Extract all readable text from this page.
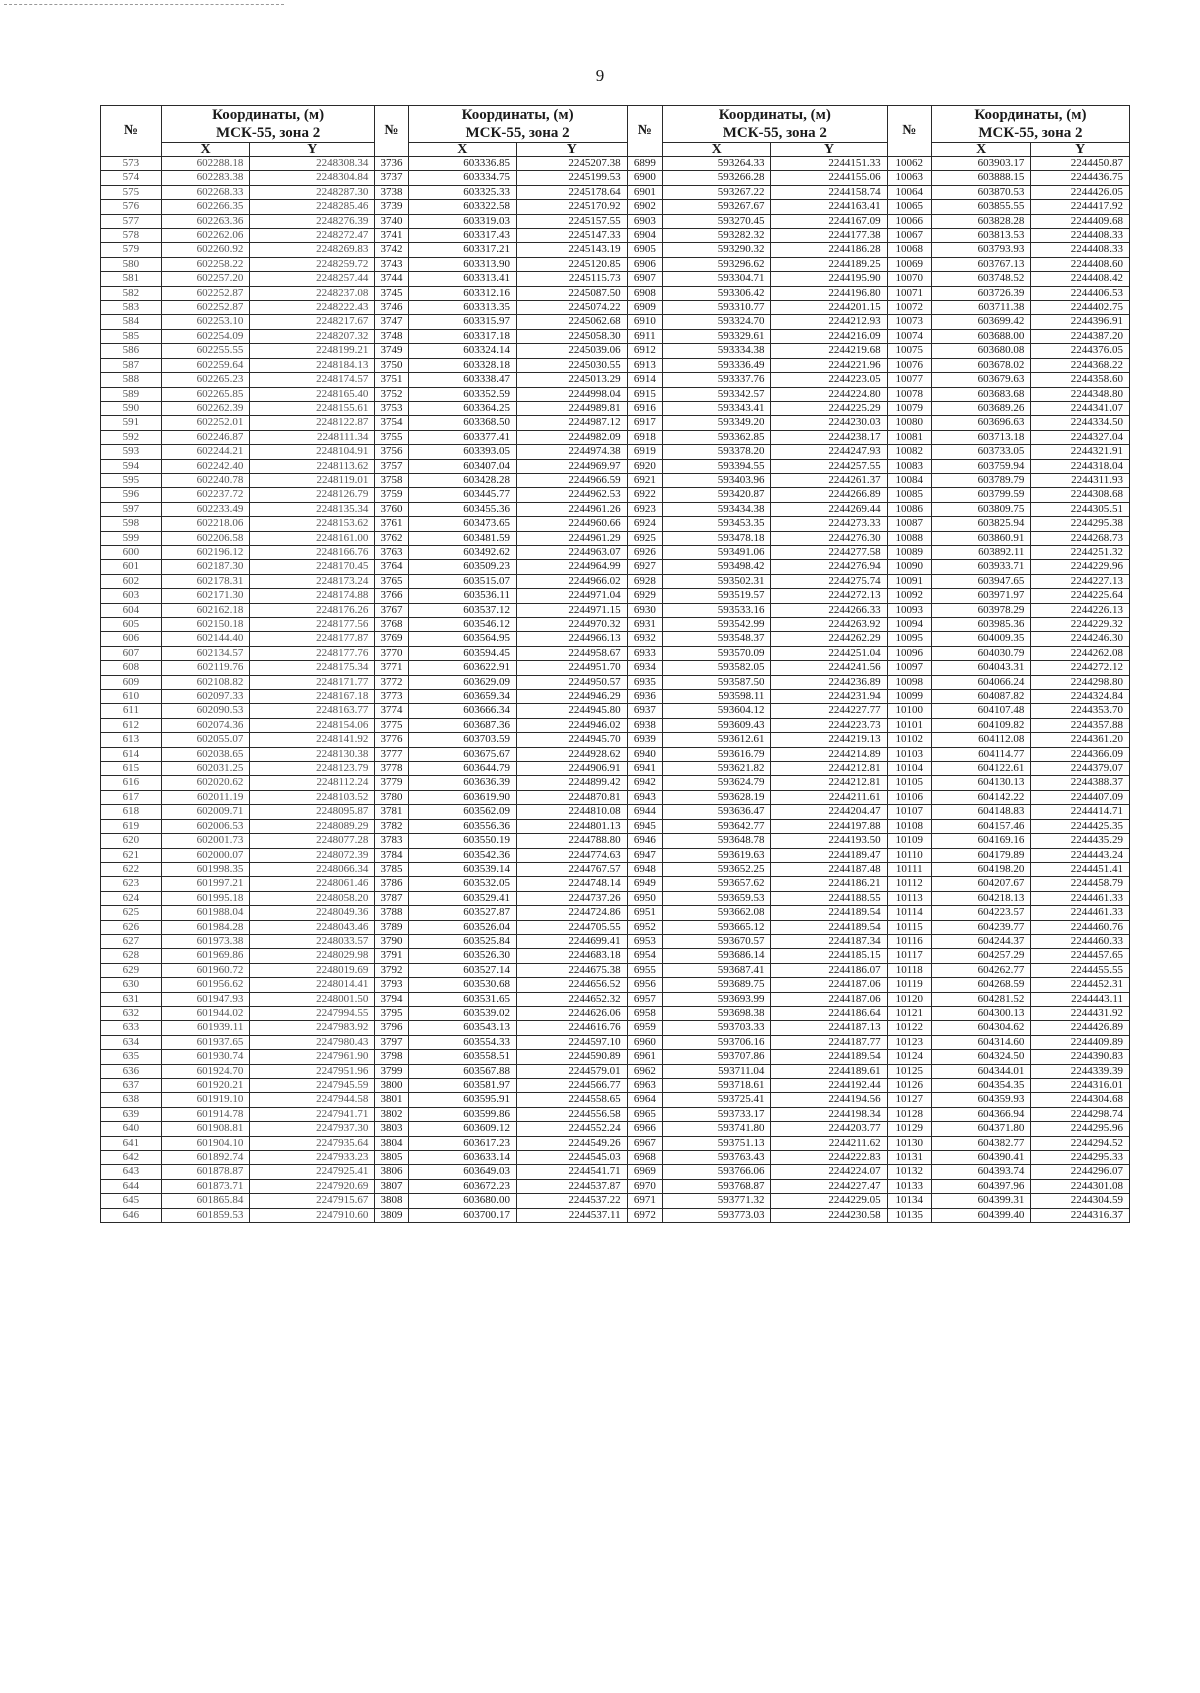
9
№	Координаты, (м)
МСК-55, зона 2		№	Координаты, (м)
МСК-55, зона 2		№	Координаты, (м)
МСК-55, зона 2		№	Координаты, (м)
МСК-55, зона 2	
	X	Y		X	Y		X	Y		X	Y
573	602288.18	2248308.34	3736	603336.85	2245207.38	6899	593264.33	2244151.33	10062	603903.17	2244450.87
574	602283.38	2248304.84	3737	603334.75	2245199.53	6900	593266.28	2244155.06	10063	603888.15	2244436.75
575	602268.33	2248287.30	3738	603325.33	2245178.64	6901	593267.22	2244158.74	10064	603870.53	2244426.05
576	602266.35	2248285.46	3739	603322.58	2245170.92	6902	593267.67	2244163.41	10065	603855.55	2244417.92
577	602263.36	2248276.39	3740	603319.03	2245157.55	6903	593270.45	2244167.09	10066	603828.28	2244409.68
578	602262.06	2248272.47	3741	603317.43	2245147.33	6904	593282.32	2244177.38	10067	603813.53	2244408.33
579	602260.92	2248269.83	3742	603317.21	2245143.19	6905	593290.32	2244186.28	10068	603793.93	2244408.33
580	602258.22	2248259.72	3743	603313.90	2245120.85	6906	593296.62	2244189.25	10069	603767.13	2244408.60
581	602257.20	2248257.44	3744	603313.41	2245115.73	6907	593304.71	2244195.90	10070	603748.52	2244408.42
582	602252.87	2248237.08	3745	603312.16	2245087.50	6908	593306.42	2244196.80	10071	603726.39	2244406.53
583	602252.87	2248222.43	3746	603313.35	2245074.22	6909	593310.77	2244201.15	10072	603711.38	2244402.75
584	602253.10	2248217.67	3747	603315.97	2245062.68	6910	593324.70	2244212.93	10073	603699.42	2244396.91
585	602254.09	2248207.32	3748	603317.18	2245058.30	6911	593329.61	2244216.09	10074	603688.00	2244387.20
586	602255.55	2248199.21	3749	603324.14	2245039.06	6912	593334.38	2244219.68	10075	603680.08	2244376.05
587	602259.64	2248184.13	3750	603328.18	2245030.55	6913	593336.49	2244221.96	10076	603678.02	2244368.22
588	602265.23	2248174.57	3751	603338.47	2245013.29	6914	593337.76	2244223.05	10077	603679.63	2244358.60
589	602265.85	2248165.40	3752	603352.59	2244998.04	6915	593342.57	2244224.80	10078	603683.68	2244348.80
590	602262.39	2248155.61	3753	603364.25	2244989.81	6916	593343.41	2244225.29	10079	603689.26	2244341.07
591	602252.01	2248122.87	3754	603368.50	2244987.12	6917	593349.20	2244230.03	10080	603696.63	2244334.50
592	602246.87	2248111.34	3755	603377.41	2244982.09	6918	593362.85	2244238.17	10081	603713.18	2244327.04
593	602244.21	2248104.91	3756	603393.05	2244974.38	6919	593378.20	2244247.93	10082	603733.05	2244321.91
594	602242.40	2248113.62	3757	603407.04	2244969.97	6920	593394.55	2244257.55	10083	603759.94	2244318.04
595	602240.78	2248119.01	3758	603428.28	2244966.59	6921	593403.96	2244261.37	10084	603789.79	2244311.93
596	602237.72	2248126.79	3759	603445.77	2244962.53	6922	593420.87	2244266.89	10085	603799.59	2244308.68
597	602233.49	2248135.34	3760	603455.36	2244961.26	6923	593434.38	2244269.44	10086	603809.75	2244305.51
598	602218.06	2248153.62	3761	603473.65	2244960.66	6924	593453.35	2244273.33	10087	603825.94	2244295.38
599	602206.58	2248161.00	3762	603481.59	2244961.29	6925	593478.18	2244276.30	10088	603860.91	2244268.73
600	602196.12	2248166.76	3763	603492.62	2244963.07	6926	593491.06	2244277.58	10089	603892.11	2244251.32
601	602187.30	2248170.45	3764	603509.23	2244964.99	6927	593498.42	2244276.94	10090	603933.71	2244229.96
602	602178.31	2248173.24	3765	603515.07	2244966.02	6928	593502.31	2244275.74	10091	603947.65	2244227.13
603	602171.30	2248174.88	3766	603536.11	2244971.04	6929	593519.57	2244272.13	10092	603971.97	2244225.64
604	602162.18	2248176.26	3767	603537.12	2244971.15	6930	593533.16	2244266.33	10093	603978.29	2244226.13
605	602150.18	2248177.56	3768	603546.12	2244970.32	6931	593542.99	2244263.92	10094	603985.36	2244229.32
606	602144.40	2248177.87	3769	603564.95	2244966.13	6932	593548.37	2244262.29	10095	604009.35	2244246.30
607	602134.57	2248177.76	3770	603594.45	2244958.67	6933	593570.09	2244251.04	10096	604030.79	2244262.08
608	602119.76	2248175.34	3771	603622.91	2244951.70	6934	593582.05	2244241.56	10097	604043.31	2244272.12
609	602108.82	2248171.77	3772	603629.09	2244950.57	6935	593587.50	2244236.89	10098	604066.24	2244298.80
610	602097.33	2248167.18	3773	603659.34	2244946.29	6936	593598.11	2244231.94	10099	604087.82	2244324.84
611	602090.53	2248163.77	3774	603666.34	2244945.80	6937	593604.12	2244227.77	10100	604107.48	2244353.70
612	602074.36	2248154.06	3775	603687.36	2244946.02	6938	593609.43	2244223.73	10101	604109.82	2244357.88
613	602055.07	2248141.92	3776	603703.59	2244945.70	6939	593612.61	2244219.13	10102	604112.08	2244361.20
614	602038.65	2248130.38	3777	603675.67	2244928.62	6940	593616.79	2244214.89	10103	604114.77	2244366.09
615	602031.25	2248123.79	3778	603644.79	2244906.91	6941	593621.82	2244212.81	10104	604122.61	2244379.07
616	602020.62	2248112.24	3779	603636.39	2244899.42	6942	593624.79	2244212.81	10105	604130.13	2244388.37
617	602011.19	2248103.52	3780	603619.90	2244870.81	6943	593628.19	2244211.61	10106	604142.22	2244407.09
618	602009.71	2248095.87	3781	603562.09	2244810.08	6944	593636.47	2244204.47	10107	604148.83	2244414.71
619	602006.53	2248089.29	3782	603556.36	2244801.13	6945	593642.77	2244197.88	10108	604157.46	2244425.35
620	602001.73	2248077.28	3783	603550.19	2244788.80	6946	593648.78	2244193.50	10109	604169.16	2244435.29
621	602000.07	2248072.39	3784	603542.36	2244774.63	6947	593619.63	2244189.47	10110	604179.89	2244443.24
622	601998.35	2248066.34	3785	603539.14	2244767.57	6948	593652.25	2244187.48	10111	604198.20	2244451.41
623	601997.21	2248061.46	3786	603532.05	2244748.14	6949	593657.62	2244186.21	10112	604207.67	2244458.79
624	601995.18	2248058.20	3787	603529.41	2244737.26	6950	593659.53	2244188.55	10113	604218.13	2244461.33
625	601988.04	2248049.36	3788	603527.87	2244724.86	6951	593662.08	2244189.54	10114	604223.57	2244461.33
626	601984.28	2248043.46	3789	603526.04	2244705.55	6952	593665.12	2244189.54	10115	604239.77	2244460.76
627	601973.38	2248033.57	3790	603525.84	2244699.41	6953	593670.57	2244187.34	10116	604244.37	2244460.33
628	601969.86	2248029.98	3791	603526.30	2244683.18	6954	593686.14	2244185.15	10117	604257.29	2244457.65
629	601960.72	2248019.69	3792	603527.14	2244675.38	6955	593687.41	2244186.07	10118	604262.77	2244455.55
630	601956.62	2248014.41	3793	603530.68	2244656.52	6956	593689.75	2244187.06	10119	604268.59	2244452.31
631	601947.93	2248001.50	3794	603531.65	2244652.32	6957	593693.99	2244187.06	10120	604281.52	2244443.11
632	601944.02	2247994.55	3795	603539.02	2244626.06	6958	593698.38	2244186.64	10121	604300.13	2244431.92
633	601939.11	2247983.92	3796	603543.13	2244616.76	6959	593703.33	2244187.13	10122	604304.62	2244426.89
634	601937.65	2247980.43	3797	603554.33	2244597.10	6960	593706.16	2244187.77	10123	604314.60	2244409.89
635	601930.74	2247961.90	3798	603558.51	2244590.89	6961	593707.86	2244189.54	10124	604324.50	2244390.83
636	601924.70	2247951.96	3799	603567.88	2244579.01	6962	593711.04	2244189.61	10125	604344.01	2244339.39
637	601920.21	2247945.59	3800	603581.97	2244566.77	6963	593718.61	2244192.44	10126	604354.35	2244316.01
638	601919.10	2247944.58	3801	603595.91	2244558.65	6964	593725.41	2244194.56	10127	604359.93	2244304.68
639	601914.78	2247941.71	3802	603599.86	2244556.58	6965	593733.17	2244198.34	10128	604366.94	2244298.74
640	601908.81	2247937.30	3803	603609.12	2244552.24	6966	593741.80	2244203.77	10129	604371.80	2244295.96
641	601904.10	2247935.64	3804	603617.23	2244549.26	6967	593751.13	2244211.62	10130	604382.77	2244294.52
642	601892.74	2247933.23	3805	603633.14	2244545.03	6968	593763.43	2244222.83	10131	604390.41	2244295.33
643	601878.87	2247925.41	3806	603649.03	2244541.71	6969	593766.06	2244224.07	10132	604393.74	2244296.07
644	601873.71	2247920.69	3807	603672.23	2244537.87	6970	593768.87	2244227.47	10133	604397.96	2244301.08
645	601865.84	2247915.67	3808	603680.00	2244537.22	6971	593771.32	2244229.05	10134	604399.31	2244304.59
646	601859.53	2247910.60	3809	603700.17	2244537.11	6972	593773.03	2244230.58	10135	604399.40	2244316.37
